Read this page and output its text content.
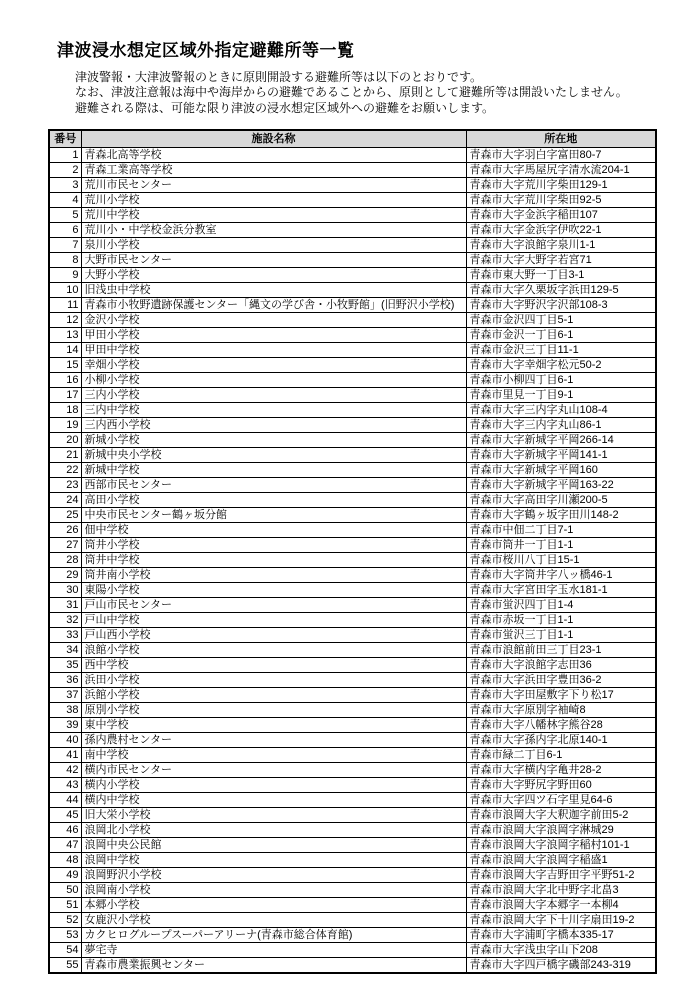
津波浸水想定区域外指定避難所等一覧
津波警報・大津波警報のときに原則開設する避難所等は以下のとおりです。
なお、津波注意報は海中や海岸からの避難であることから、原則として避難所等は開設いたしません。
避難される際は、可能な限り津波の浸水想定区域外への避難をお願いします。
番号	施設名称	所在地
1	青森北高等学校	青森市大字羽白字富田80-7
2	青森工業高等学校	青森市大字馬屋尻字清水流204-1
3	荒川市民センター	青森市大字荒川字柴田129-1
4	荒川小学校	青森市大字荒川字柴田92-5
5	荒川中学校	青森市大字金浜字稲田107
6	荒川小・中学校金浜分教室	青森市大字金浜字伊吹22-1
7	泉川小学校	青森市大字浪館字泉川1-1
8	大野市民センター	青森市大字大野字若宮71
9	大野小学校	青森市東大野一丁目3-1
10	旧浅虫中学校	青森市大字久栗坂字浜田129-5
11	青森市小牧野遺跡保護センター「縄文の学び舎・小牧野館」(旧野沢小学校)	青森市大字野沢字沢部108-3
12	金沢小学校	青森市金沢四丁目5-1
13	甲田小学校	青森市金沢一丁目6-1
14	甲田中学校	青森市金沢三丁目11-1
15	幸畑小学校	青森市大字幸畑字松元50-2
16	小柳小学校	青森市小柳四丁目6-1
17	三内小学校	青森市里見一丁目9-1
18	三内中学校	青森市大字三内字丸山108-4
19	三内西小学校	青森市大字三内字丸山86-1
20	新城小学校	青森市大字新城字平岡266-14
21	新城中央小学校	青森市大字新城字平岡141-1
22	新城中学校	青森市大字新城字平岡160
23	西部市民センター	青森市大字新城字平岡163-22
24	高田小学校	青森市大字高田字川瀬200-5
25	中央市民センター鶴ヶ坂分館	青森市大字鶴ヶ坂字田川148-2
26	佃中学校	青森市中佃二丁目7-1
27	筒井小学校	青森市筒井一丁目1-1
28	筒井中学校	青森市桜川八丁目15-1
29	筒井南小学校	青森市大字筒井字八ッ橋46-1
30	東陽小学校	青森市大字宮田字玉水181-1
31	戸山市民センター	青森市蛍沢四丁目1-4
32	戸山中学校	青森市赤坂一丁目1-1
33	戸山西小学校	青森市蛍沢三丁目1-1
34	浪館小学校	青森市浪館前田三丁目23-1
35	西中学校	青森市大字浪館字志田36
36	浜田小学校	青森市大字浜田字豊田36-2
37	浜館小学校	青森市大字田屋敷字下り松17
38	原別小学校	青森市大字原別字袖崎8
39	東中学校	青森市大字八幡林字熊谷28
40	孫内農村センター	青森市大字孫内字北原140-1
41	南中学校	青森市緑二丁目6-1
42	横内市民センター	青森市大字横内字亀井28-2
43	横内小学校	青森市大字野尻字野田60
44	横内中学校	青森市大字四ツ石字里見64-6
45	旧大栄小学校	青森市浪岡大字大釈迦字前田5-2
46	浪岡北小学校	青森市浪岡大字浪岡字淋城29
47	浪岡中央公民館	青森市浪岡大字浪岡字稲村101-1
48	浪岡中学校	青森市浪岡大字浪岡字稲盛1
49	浪岡野沢小学校	青森市浪岡大字吉野田字平野51-2
50	浪岡南小学校	青森市浪岡大字北中野字北畠3
51	本郷小学校	青森市浪岡大字本郷字一本柳4
52	女鹿沢小学校	青森市浪岡大字下十川字扇田19-2
53	カクヒログループスーパーアリーナ(青森市総合体育館)	青森市大字浦町字橋本335-17
54	夢宅寺	青森市大字浅虫字山下208
55	青森市農業振興センター	青森市大字四戸橋字磯部243-319
